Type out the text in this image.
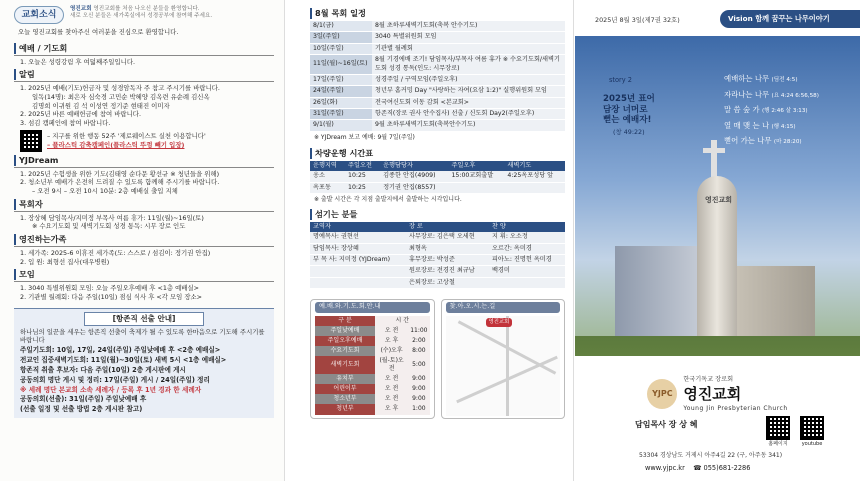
교회소식
영진교회 영진교회를 처음 나오신 분들을 환영합니다.
새로 오신 분들은 새가족실에서 성경공부에 참여해 주세요.
오늘 영진교회를 찾아주신 여러분을 진심으로 환영합니다.
예배 / 기도회
1. 오늘은 성령강림 후 여덟째주일입니다.
알림
1. 2025년 예배(기도)헌금자 및 성경암독자 주 참고 주시기를 바랍니다.
일독(14명): 최은자 심숙경 고민순 박혜양 김옥련 유순례 김신옥
김명희 이귀원 김 석 이성연 정기준 현태진 이미자
2. 2025년 바른 예배헌금에 참여 바랍니다.
3. 섬김 캠페인에 참여 바랍니다.
– 지구를 위한 행동 52주 '제로웨이스트 실천 이용합니다'
– 플라스틱 감축캠페인(플라스틱 뚜껑 빼기 입장)
YJDream
1. 2025년 수험생을 위한 기도(김태영 순다문 황선규 ※ 청년들을 위해)
2. 청소년부 예배가 은전히 드려질 수 있도록 함께해 주시기를 바랍니다.
– 오전 9시 – 오전 10시 10분: 2층 예배실 출입 지체
목회자
1. 장상혜 담임목사/지미정 부목사 여름 휴가: 11일(월)~16일(토)
※ 수요기도회 및 새벽기도회 성경 통독: 시무 장로 인도
영진하는가족
1. 세가족: 2025-6 이휴진 세가족(도: 스스로 / 섬김이: 정기권 안집)
2. 입 원: 최형선 집사(대우병원)
모임
1. 3040 특별위원회 모임: 오늘 주일오후예배 후 <1층 예배실>
2. 기관별 월례회: 다음 주일(10일) 점심 식사 후 <각 모임 장소>
[항존직 선출 안내]
하나님의 일꾼을 세우는 항존직 선출이 축제가 될 수 있도록 한마음으로 기도해 주시기를 바랍니다
주일기도회: 10일, 17일, 24일(주일) 주일낮예배 후 <2층 예배실>
전교인 집중새벽기도회: 11일(월)~30일(토) 새벽 5시 <1층 예배실>
항존직 취출 후보자: 다음 주일(10일) 2층 게시판에 게시
공동의회 명단 게시 및 정리: 17일(주일) 게시 / 24일(주일) 정리
※ 세례 명단 본교회 소속 세례자 / 등록 후 1년 경과 한 세례자
공동의회(선출): 31일(주일) 주일낮예배 후
(선출 일정 및 선출 방법 2층 게시판 참고)
8월 목회 일정
8/1(금)	8월 초하루새벽기도회(축복 안수기도)
3일(주일)	3040 특별위원회 모임
10일(주일)	기관별 월례회
11일(월)~16일(토)	8월 기경에배 조기! 담임목사/부목사 여름 휴가 ※ 수요기도회/새벽기도회 성경 통독(인도: 시무장로)
17일(주일)	성경주일 / 구역모임(주일오후)
24일(주일)	청년부 홈커밍 Day "사랑하는 자여(요삼 1:2)" 실행위원회 모임
26일(화)	전국여신도회 이동 감회 <본교회>
31일(주일)	항존직(장로 권사 안수집사) 선출 / 신도회 Day2(주일오후)
9/1(월)	9월 초하루새벽기도회(축복안수기도)
※ YJDream 보고 예배: 9월 7일(주일)
차량운행 시간표
운행지역	주일오전	운행담당자	주일오후	새벽기도
옹소	10:25	김종한 안집(4909)	15:00교회출발	4:25옥포성당 앞
옥포동	10:25	정기권 안집(8557)		
※ 출발 시간은 각 지점 출발지에서 출발하는 시각입니다.
섬기는 분들
교역자	장 로	찬 양
명예목사: 권현선	사무장로: 김은택 오세현	지 휘: 오소정
담임목사: 장상혜	최형옥	오르간: 옥미경
부 목 사: 지미정 (YJDream)	휴무장로: 박성준	피아노: 진명헌 옥미경
	원로장로: 전경진 최규남	백경미
	은퇴장로: 고상철	
예.배.와.기.도.회.안.내
구 분	시 간	
주일낮예배	오 전	11:00
주일오후예배	오 후	2:00
수요기도회	(수)오후	8:00
새벽기도회	(월-토)오전	5:00
유치부	오 전	9:00
어린이부	오 전	9:00
청소년부	오 전	9:00
청년부	오 후	1:00
찾.아.오.시.는.길
영진교회
2025년 8월 3일(제7권 32호)	Vision 함께 꿈꾸는 나무이야기
story 2
2025년 표어
담장 너머로
뻗는 예배자!
(창 49:22)
예배하는 나무 (딤전 4:5)
자라나는 나무 (요 4:24 6:56,58)
말 씀 숲 가 (행 2:46 살 3:13)
열 매 맺 는 나 (행 4:15)
뻗어 가는 나무 (마 28:20)
영진교회
YJPC
한국기독교 장로회
영진교회
Young Jin Presbyterian Church
담임목사 장 상 혜
홈페이지	youtube
53304 경상남도 거제시 아주4길 22 (구, 아주동 341)
www.yjpc.kr ☎ 055)681-2286
